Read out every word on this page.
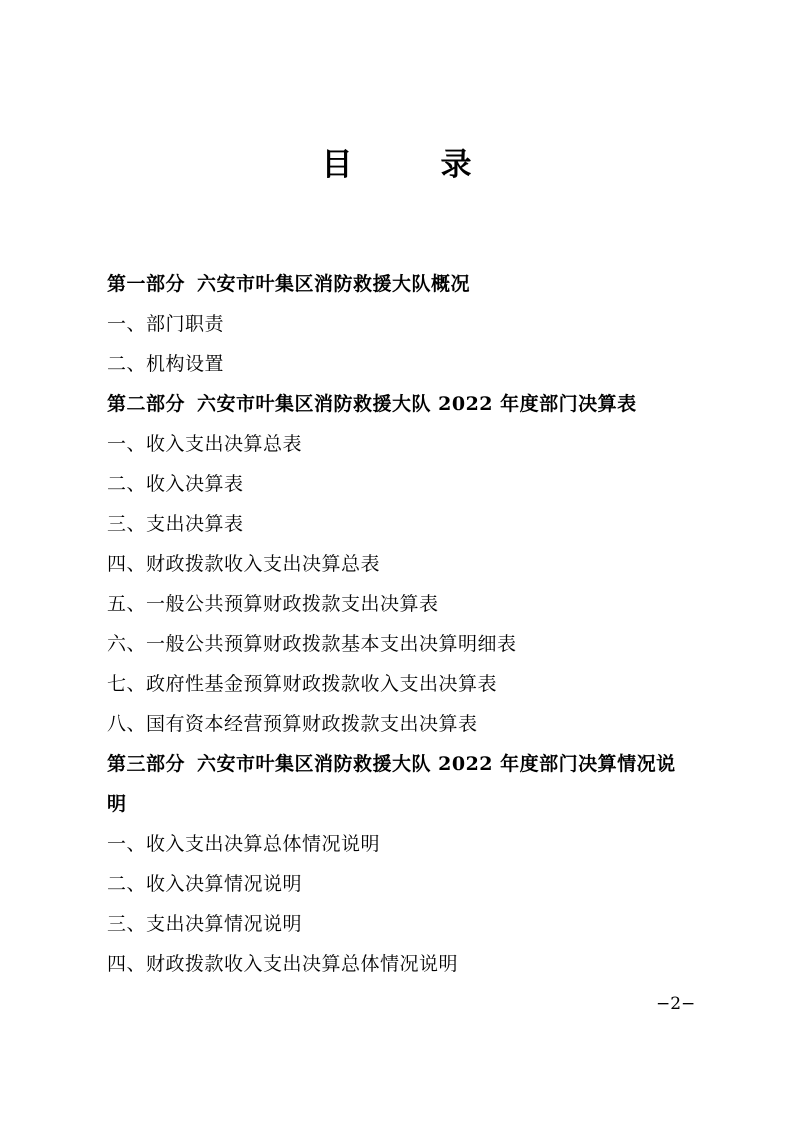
目	录
第一部分 六安市叶集区消防救援大队概况
一、部门职责
二、机构设置
第二部分 六安市叶集区消防救援大队 2022 年度部门决算表
一、收入支出决算总表
二、收入决算表
三、支出决算表
四、财政拨款收入支出决算总表
五、一般公共预算财政拨款支出决算表
六、一般公共预算财政拨款基本支出决算明细表
七、政府性基金预算财政拨款收入支出决算表
八、国有资本经营预算财政拨款支出决算表
第三部分 六安市叶集区消防救援大队 2022 年度部门决算情况说
明
一、收入支出决算总体情况说明
二、收入决算情况说明
三、支出决算情况说明
四、财政拨款收入支出决算总体情况说明
−2−
